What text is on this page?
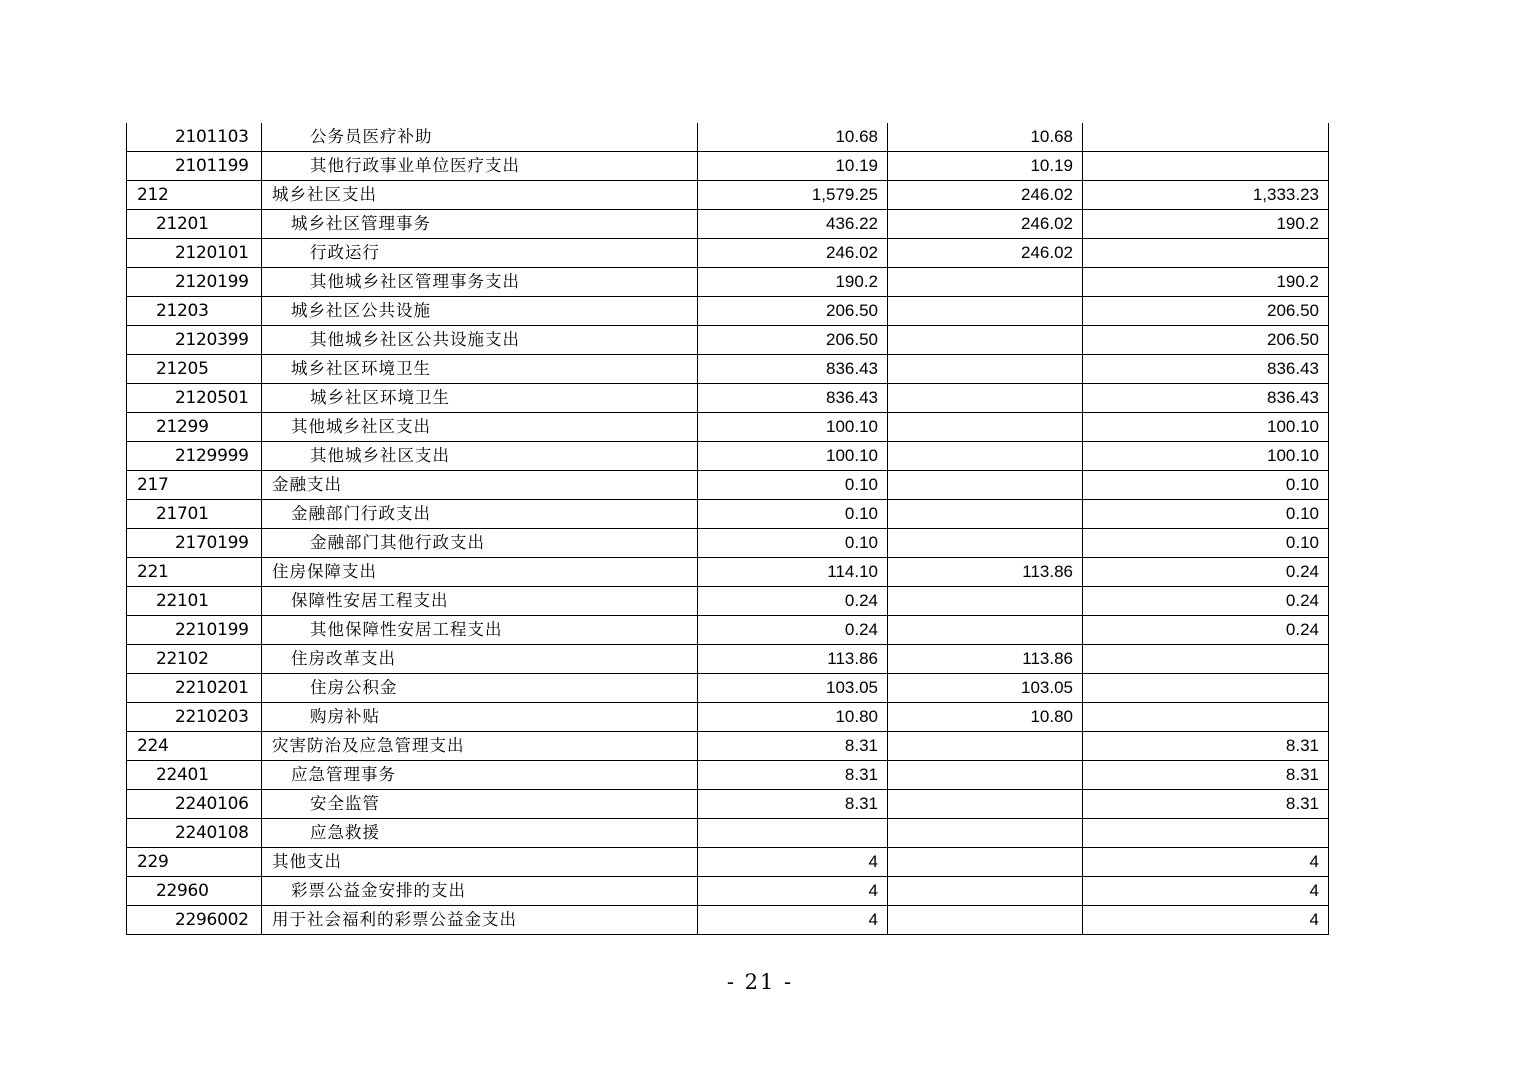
2101103	公务员医疗补助	10.68	10.68	
2101199	其他行政事业单位医疗支出	10.19	10.19	
212	城乡社区支出	1,579.25	246.02	1,333.23
21201	城乡社区管理事务	436.22	246.02	190.2
2120101	行政运行	246.02	246.02	
2120199	其他城乡社区管理事务支出	190.2		190.2
21203	城乡社区公共设施	206.50		206.50
2120399	其他城乡社区公共设施支出	206.50		206.50
21205	城乡社区环境卫生	836.43		836.43
2120501	城乡社区环境卫生	836.43		836.43
21299	其他城乡社区支出	100.10		100.10
2129999	其他城乡社区支出	100.10		100.10
217	金融支出	0.10		0.10
21701	金融部门行政支出	0.10		0.10
2170199	金融部门其他行政支出	0.10		0.10
221	住房保障支出	114.10	113.86	0.24
22101	保障性安居工程支出	0.24		0.24
2210199	其他保障性安居工程支出	0.24		0.24
22102	住房改革支出	113.86	113.86	
2210201	住房公积金	103.05	103.05	
2210203	购房补贴	10.80	10.80	
224	灾害防治及应急管理支出	8.31		8.31
22401	应急管理事务	8.31		8.31
2240106	安全监管	8.31		8.31
2240108	应急救援			
229	其他支出	4		4
22960	彩票公益金安排的支出	4		4
2296002	用于社会福利的彩票公益金支出	4		4
- 21 -
